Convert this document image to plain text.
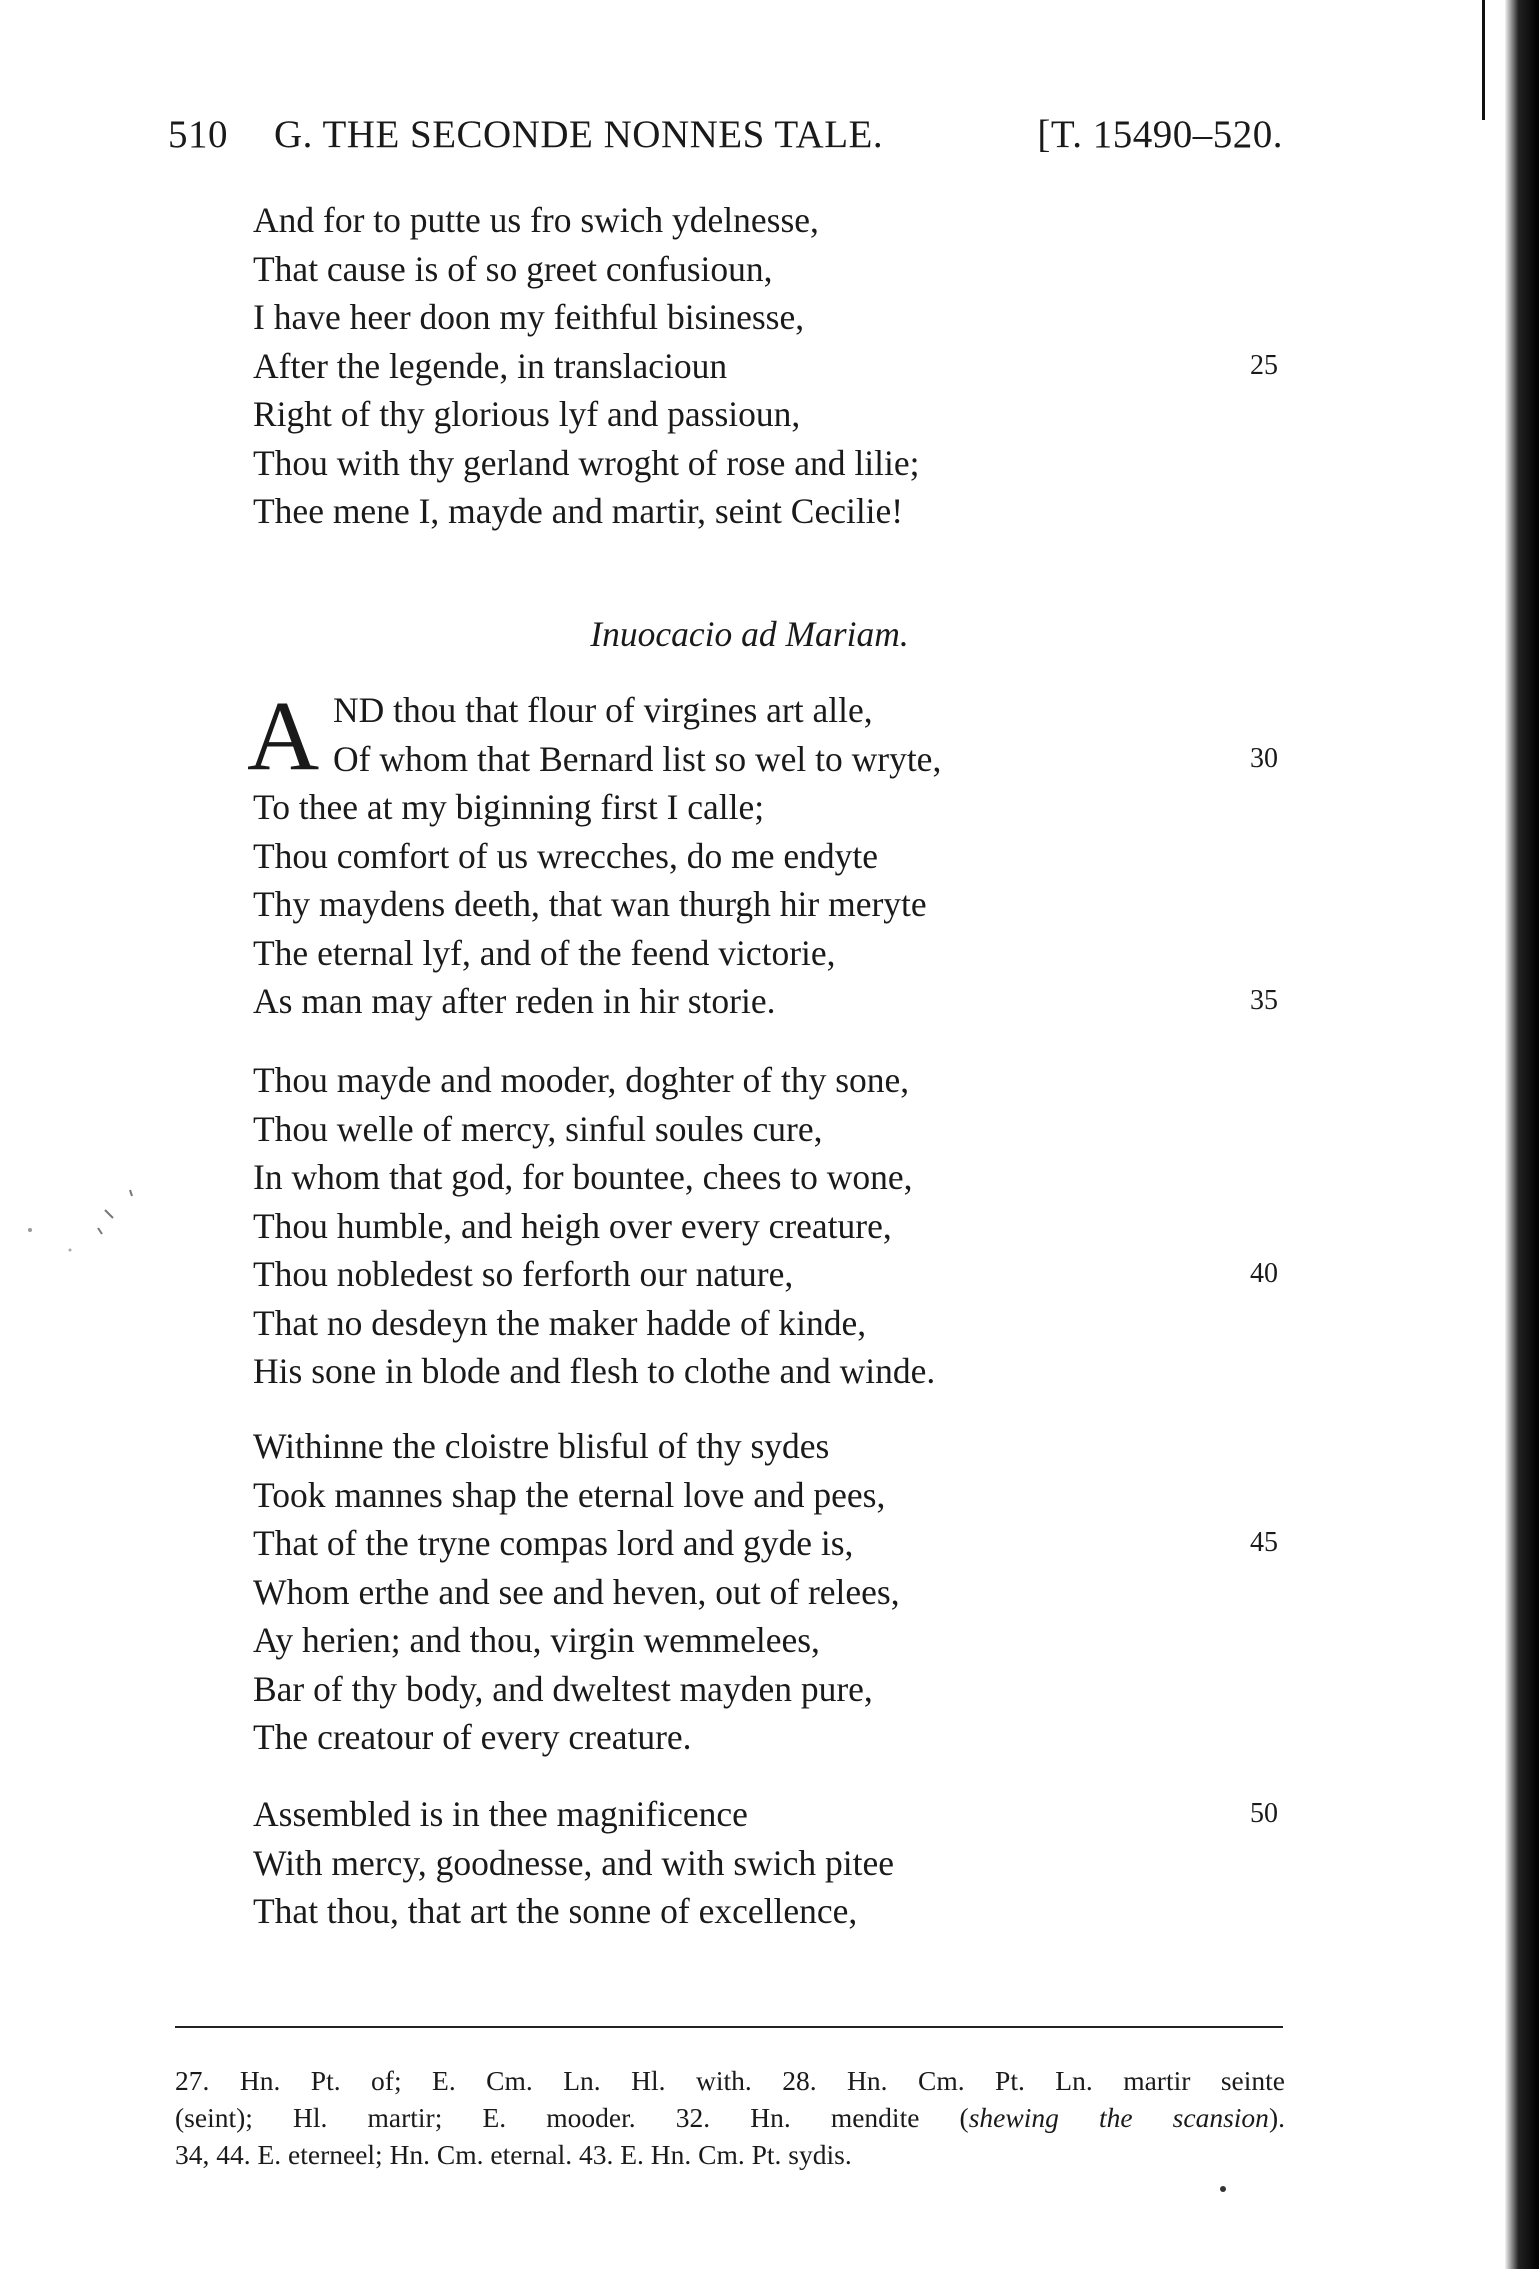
510 G. THE SECONDE NONNES TALE.	[T. 15490–520.
And for to putte us fro swich ydelnesse,
That cause is of so greet confusioun,
I have heer doon my feithful bisinesse,
After the legende, in translacioun	25
Right of thy glorious lyf and passioun,
Thou with thy gerland wroght of rose and lilie;
Thee mene I, mayde and martir, seint Cecilie!
Inuocacio ad Mariam.
A ND thou that flour of virgines art alle,
Of whom that Bernard list so wel to wryte,	30
To thee at my biginning first I calle;
Thou comfort of us wrecches, do me endyte
Thy maydens deeth, that wan thurgh hir meryte
The eternal lyf, and of the feend victorie,
As man may after reden in hir storie.	35
Thou mayde and mooder, doghter of thy sone,
Thou welle of mercy, sinful soules cure,
In whom that god, for bountee, chees to wone,
Thou humble, and heigh over every creature,
Thou nobledest so ferforth our nature,	40
That no desdeyn the maker hadde of kinde,
His sone in blode and flesh to clothe and winde.
Withinne the cloistre blisful of thy sydes
Took mannes shap the eternal love and pees,
That of the tryne compas lord and gyde is,	45
Whom erthe and see and heven, out of relees,
Ay herien; and thou, virgin wemmelees,
Bar of thy body, and dweltest mayden pure,
The creatour of every creature.
Assembled is in thee magnificence	50
With mercy, goodnesse, and with swich pitee
That thou, that art the sonne of excellence,
27. Hn. Pt. of; E. Cm. Ln. Hl. with. 28. Hn. Cm. Pt. Ln. martir seinte
(seint); Hl. martir; E. mooder. 32. Hn. mendite (shewing the scansion).
34, 44. E. eterneel; Hn. Cm. eternal. 43. E. Hn. Cm. Pt. sydis.
